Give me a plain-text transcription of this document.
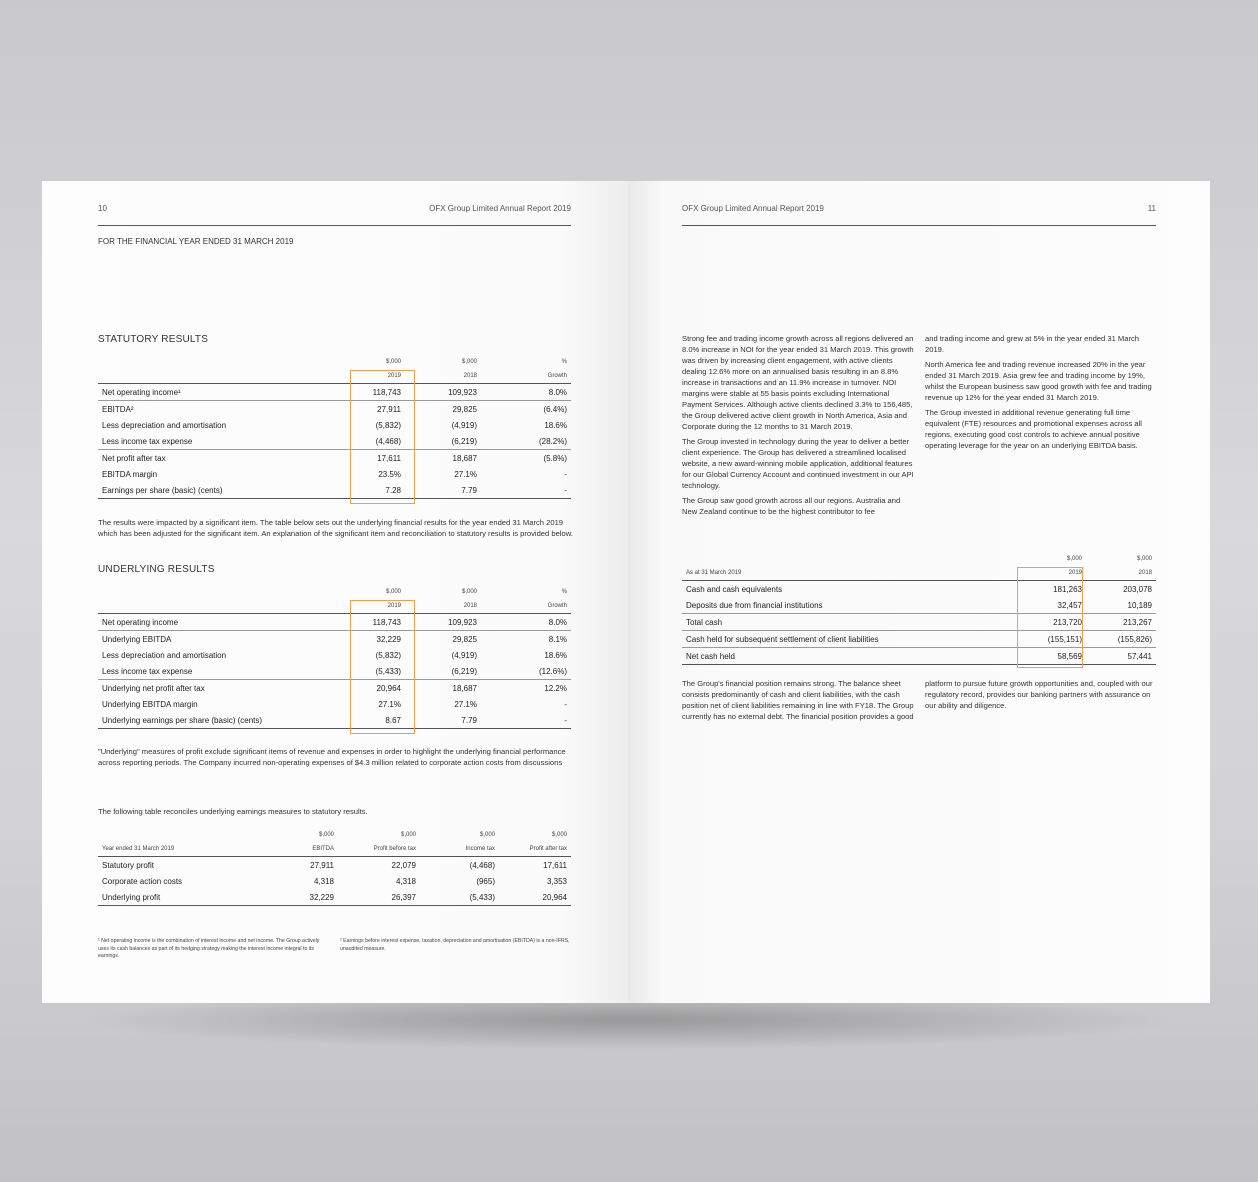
10	OFX Group Limited Annual Report 2019
FOR THE FINANCIAL YEAR ENDED 31 MARCH 2019
STATUTORY RESULTS
	$,000	$,000	%
	2019	2018	Growth
Net operating income¹	118,743	109,923	8.0%
EBITDA²	27,911	29,825	(6.4%)
Less depreciation and amortisation	(5,832)	(4,919)	18.6%
Less income tax expense	(4,468)	(6,219)	(28.2%)
Net profit after tax	17,611	18,687	(5.8%)
EBITDA margin	23.5%	27.1%	-
Earnings per share (basic) (cents)	7.28	7.79	-
The results were impacted by a significant item. The table below sets out the underlying financial results for the year ended 31 March 2019 which has been adjusted for the significant item. An explanation of the significant item and reconciliation to statutory results is provided below.
UNDERLYING RESULTS
	$,000	$,000	%
	2019	2018	Growth
Net operating income	118,743	109,923	8.0%
Underlying EBITDA	32,229	29,825	8.1%
Less depreciation and amortisation	(5,832)	(4,919)	18.6%
Less income tax expense	(5,433)	(6,219)	(12.6%)
Underlying net profit after tax	20,964	18,687	12.2%
Underlying EBITDA margin	27.1%	27.1%	-
Underlying earnings per share (basic) (cents)	8.67	7.79	-
"Underlying" measures of profit exclude significant items of revenue and expenses in order to highlight the underlying financial performance across reporting periods. The Company incurred non-operating expenses of $4.3 million related to corporate action costs from discussions
The following table reconciles underlying earnings measures to statutory results.
	$,000	$,000	$,000	$,000
Year ended 31 March 2019	EBITDA	Profit before tax	Income tax	Profit after tax
Statutory profit	27,911	22,079	(4,468)	17,611
Corporate action costs	4,318	4,318	(965)	3,353
Underlying profit	32,229	26,397	(5,433)	20,964
¹ Net operating income is the combination of interest income and net income. The Group actively uses its cash balances as part of its hedging strategy making the interest income integral to its earnings.
² Earnings before interest expense, taxation, depreciation and amortisation (EBITDA) is a non-IFRS, unaudited measure.
OFX Group Limited Annual Report 2019	11
Strong fee and trading income growth across all regions delivered an 8.0% increase in NOI for the year ended 31 March 2019. This growth was driven by increasing client engagement, with active clients dealing 12.6% more on an annualised basis resulting in an 8.8% increase in transactions and an 11.9% increase in turnover. NOI margins were stable at 55 basis points excluding International Payment Services. Although active clients declined 3.3% to 156,485, the Group delivered active client growth in North America, Asia and Corporate during the 12 months to 31 March 2019.
The Group invested in technology during the year to deliver a better client experience. The Group has delivered a streamlined localised website, a new award-winning mobile application, additional features for our Global Currency Account and continued investment in our API technology.
The Group saw good growth across all our regions. Australia and New Zealand continue to be the highest contributor to fee
and trading income and grew at 5% in the year ended 31 March 2019.
North America fee and trading revenue increased 20% in the year ended 31 March 2019. Asia grew fee and trading income by 19%, whilst the European business saw good growth with fee and trading revenue up 12% for the year ended 31 March 2019.
The Group invested in additional revenue generating full time equivalent (FTE) resources and promotional expenses across all regions, executing good cost controls to achieve annual positive operating leverage for the year on an underlying EBITDA basis.
	$,000	$,000
As at 31 March 2019	2019	2018
Cash and cash equivalents	181,263	203,078
Deposits due from financial institutions	32,457	10,189
Total cash	213,720	213,267
Cash held for subsequent settlement of client liabilities	(155,151)	(155,826)
Net cash held	58,569	57,441
The Group's financial position remains strong. The balance sheet consists predominantly of cash and client liabilities, with the cash position net of client liabilities remaining in line with FY18. The Group currently has no external debt. The financial position provides a good
platform to pursue future growth opportunities and, coupled with our regulatory record, provides our banking partners with assurance on our ability and diligence.
